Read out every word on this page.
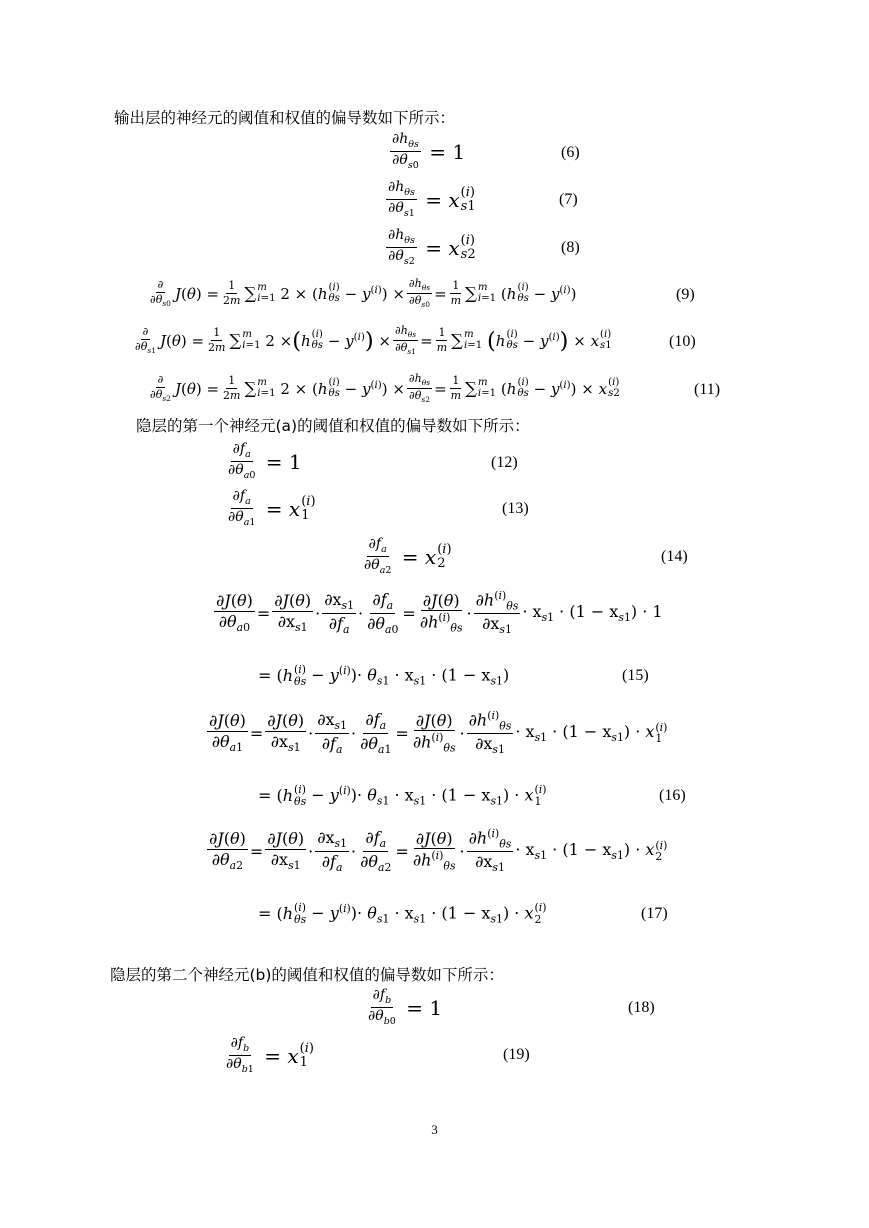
输出层的神经元的阈值和权值的偏导数如下所示：
$\frac{\partial h_{\theta s}}{\partial\theta_{s0}} = 1$	(6)
$\frac{\partial h_{\theta s}}{\partial\theta_{s1}} = x$ (i)
s1	(7)
$\frac{\partial h_{\theta s}}{\partial\theta_{s2}} = x$ (i)
s2	(8)
$\frac{\partial}{\partial\theta_{s0}} J(\theta) = \frac{1}{2m}$ ∑ m
i=1 2 × (h (i)
$\theta s - y^{(i)}) \times \frac{\partial h_{\theta s}}{\partial\theta_{s0}} = \frac{1}{m}$ ∑ m
i=1 (h (i)
$\theta s - y^{(i)}$)	(9)
$\frac{\partial}{\partial\theta_{s1}} J(\theta) = \frac{1}{2m}$ ∑ m
i=1 2 × ( h (i)
$\theta s - y^{(i)}$ ) × $\frac{\partial h_{\theta s}}{\partial\theta_{s1}} = \frac{1}{m}$ ∑ m
i=1
( h (i)
$\theta s - y^{(i)}$ ) × x (i)
s1	(10)
$\frac{\partial}{\partial\theta_{s2}} J(\theta) = \frac{1}{2m}$ ∑ m
i=1 2 × (h (i)
$\theta s - y^{(i)}) \times \frac{\partial h_{\theta s}}{\partial\theta_{s2}} = \frac{1}{m}$ ∑ m
i=1 (h (i)
$\theta s - y^{(i)}) \times x$ (i)
s2	(11)
隐层的第一个神经元(a)的阈值和权值的偏导数如下所示：
$\frac{\partial f_a}{\partial\theta_{a0}} = 1$	(12)
$\frac{\partial f_a}{\partial\theta_{a1}} = x$ (i)
1	(13)
$\frac{\partial f_a}{\partial\theta_{a2}} = x$ (i)
2	(14)
$\frac{\partial J(\theta)}{\partial\theta_{a0}} = \frac{\partial J(\theta)}{\partial x_{s1}} \cdot \frac{\partial x_{s1}}{\partial f_a} \cdot \frac{\partial f_a}{\partial\theta_{a0}} = \frac{\partial J(\theta)}{\partial h^{(i)}_{\theta s}} \cdot \frac{\partial h^{(i)}_{\theta s}}{\partial x_{s1}} \cdot x_{s1} \cdot (1 - x_{s1}) \cdot 1$
= (h (i)
$\theta s - y^{(i)})\cdot \theta_{s1} \cdot x_{s1} \cdot (1 - x_{s1})$	(15)
$\frac{\partial J(\theta)}{\partial\theta_{a1}} = \frac{\partial J(\theta)}{\partial x_{s1}} \cdot \frac{\partial x_{s1}}{\partial f_a} \cdot \frac{\partial f_a}{\partial\theta_{a1}} = \frac{\partial J(\theta)}{\partial h^{(i)}_{\theta s}} \cdot \frac{\partial h^{(i)}_{\theta s}}{\partial x_{s1}} \cdot x_{s1} \cdot (1 - x_{s1}) \cdot x$ (i)
1
= (h (i)
$\theta s - y^{(i)})\cdot \theta_{s1} \cdot x_{s1} \cdot (1 - x_{s1}) \cdot x$ (i)
1	(16)
$\frac{\partial J(\theta)}{\partial\theta_{a2}} = \frac{\partial J(\theta)}{\partial x_{s1}} \cdot \frac{\partial x_{s1}}{\partial f_a} \cdot \frac{\partial f_a}{\partial\theta_{a2}} = \frac{\partial J(\theta)}{\partial h^{(i)}_{\theta s}} \cdot \frac{\partial h^{(i)}_{\theta s}}{\partial x_{s1}} \cdot x_{s1} \cdot (1 - x_{s1}) \cdot x$ (i)
2
= (h (i)
$\theta s - y^{(i)})\cdot \theta_{s1} \cdot x_{s1} \cdot (1 - x_{s1}) \cdot x$ (i)
2	(17)
隐层的第二个神经元(b)的阈值和权值的偏导数如下所示：
$\frac{\partial f_b}{\partial\theta_{b0}} = 1$	(18)
$\frac{\partial f_b}{\partial\theta_{b1}} = x$ (i)
1	(19)
3
